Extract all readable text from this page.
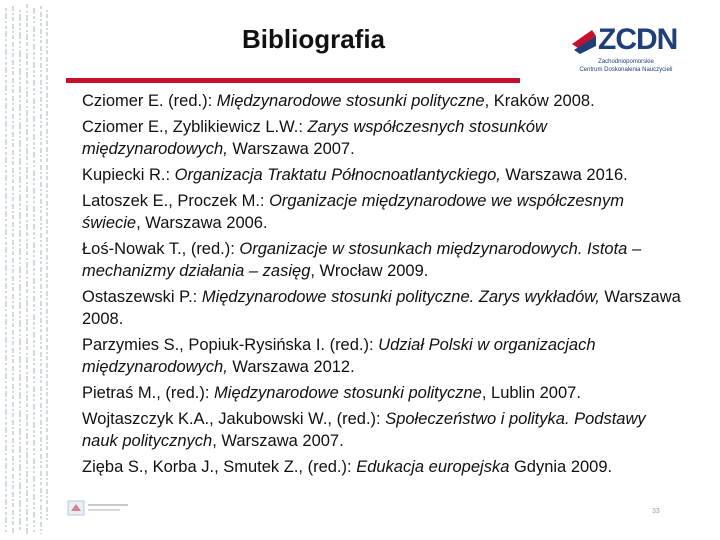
Bibliografia	ZCDN
Zachodniopomorskie
Centrum Doskonalenia Nauczycieli
Cziomer E. (red.): Międzynarodowe stosunki polityczne, Kraków 2008.
Cziomer E., Zyblikiewicz L.W.: Zarys współczesnych stosunków międzynarodowych, Warszawa 2007.
Kupiecki R.: Organizacja Traktatu Północnoatlantyckiego, Warszawa 2016.
Latoszek E., Proczek M.: Organizacje międzynarodowe we współczesnym świecie, Warszawa 2006.
Łoś-Nowak T., (red.): Organizacje w stosunkach międzynarodowych. Istota – mechanizmy działania – zasięg, Wrocław 2009.
Ostaszewski P.: Międzynarodowe stosunki polityczne. Zarys wykładów, Warszawa 2008.
Parzymies S., Popiuk-Rysińska I. (red.): Udział Polski w organizacjach międzynarodowych, Warszawa 2012.
Pietraś M., (red.): Międzynarodowe stosunki polityczne, Lublin 2007.
Wojtaszczyk K.A., Jakubowski W., (red.): Społeczeństwo i polityka. Podstawy nauk politycznych, Warszawa 2007.
Zięba S., Korba J., Smutek Z., (red.): Edukacja europejska Gdynia 2009.
33
